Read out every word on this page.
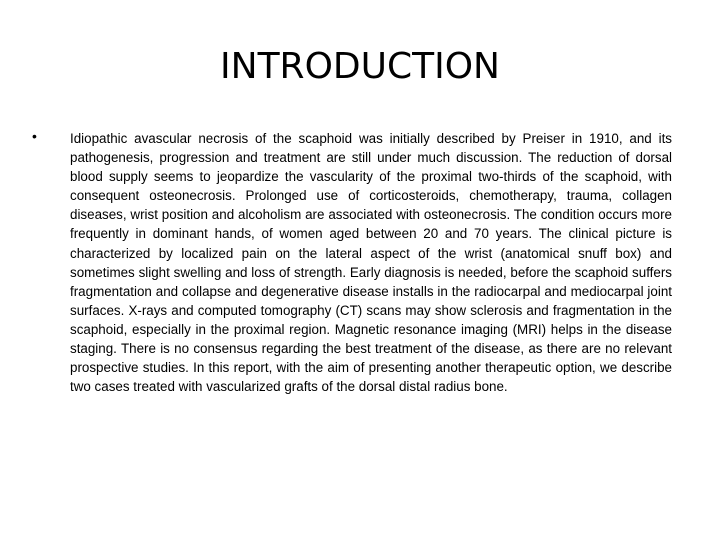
INTRODUCTION
• Idiopathic avascular necrosis of the scaphoid was initially described by Preiser in 1910, and its pathogenesis, progression and treatment are still under much discussion. The reduction of dorsal blood supply seems to jeopardize the vascularity of the proximal two-thirds of the scaphoid, with consequent osteonecrosis. Prolonged use of corticosteroids, chemotherapy, trauma, collagen diseases, wrist position and alcoholism are associated with osteonecrosis. The condition occurs more frequently in dominant hands, of women aged between 20 and 70 years. The clinical picture is characterized by localized pain on the lateral aspect of the wrist (anatomical snuff box) and sometimes slight swelling and loss of strength. Early diagnosis is needed, before the scaphoid suffers fragmentation and collapse and degenerative disease installs in the radiocarpal and mediocarpal joint surfaces. X-rays and computed tomography (CT) scans may show sclerosis and fragmentation in the scaphoid, especially in the proximal region. Magnetic resonance imaging (MRI) helps in the disease staging. There is no consensus regarding the best treatment of the disease, as there are no relevant prospective studies. In this report, with the aim of presenting another therapeutic option, we describe two cases treated with vascularized grafts of the dorsal distal radius bone.
